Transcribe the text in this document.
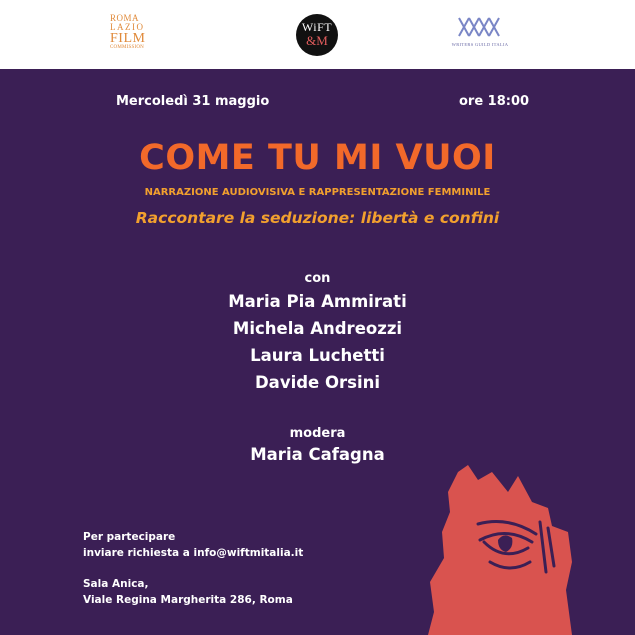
ROMA
LAZIO
FILM
COMMISSION
WiFT
&M	WRITERS GUILD ITALIA

Mercoledì 31 maggio	ore 18:00

COME TU MI VUOI

NARRAZIONE AUDIOVISIVA E RAPPRESENTAZIONE FEMMINILE

Raccontare la seduzione: libertà e confini

con

Maria Pia Ammirati

Michela Andreozzi

Laura Luchetti

Davide Orsini

modera

Maria Cafagna

Per partecipare

inviare richiesta a info@wiftmitalia.it

Sala Anica,

Viale Regina Margherita 286, Roma
